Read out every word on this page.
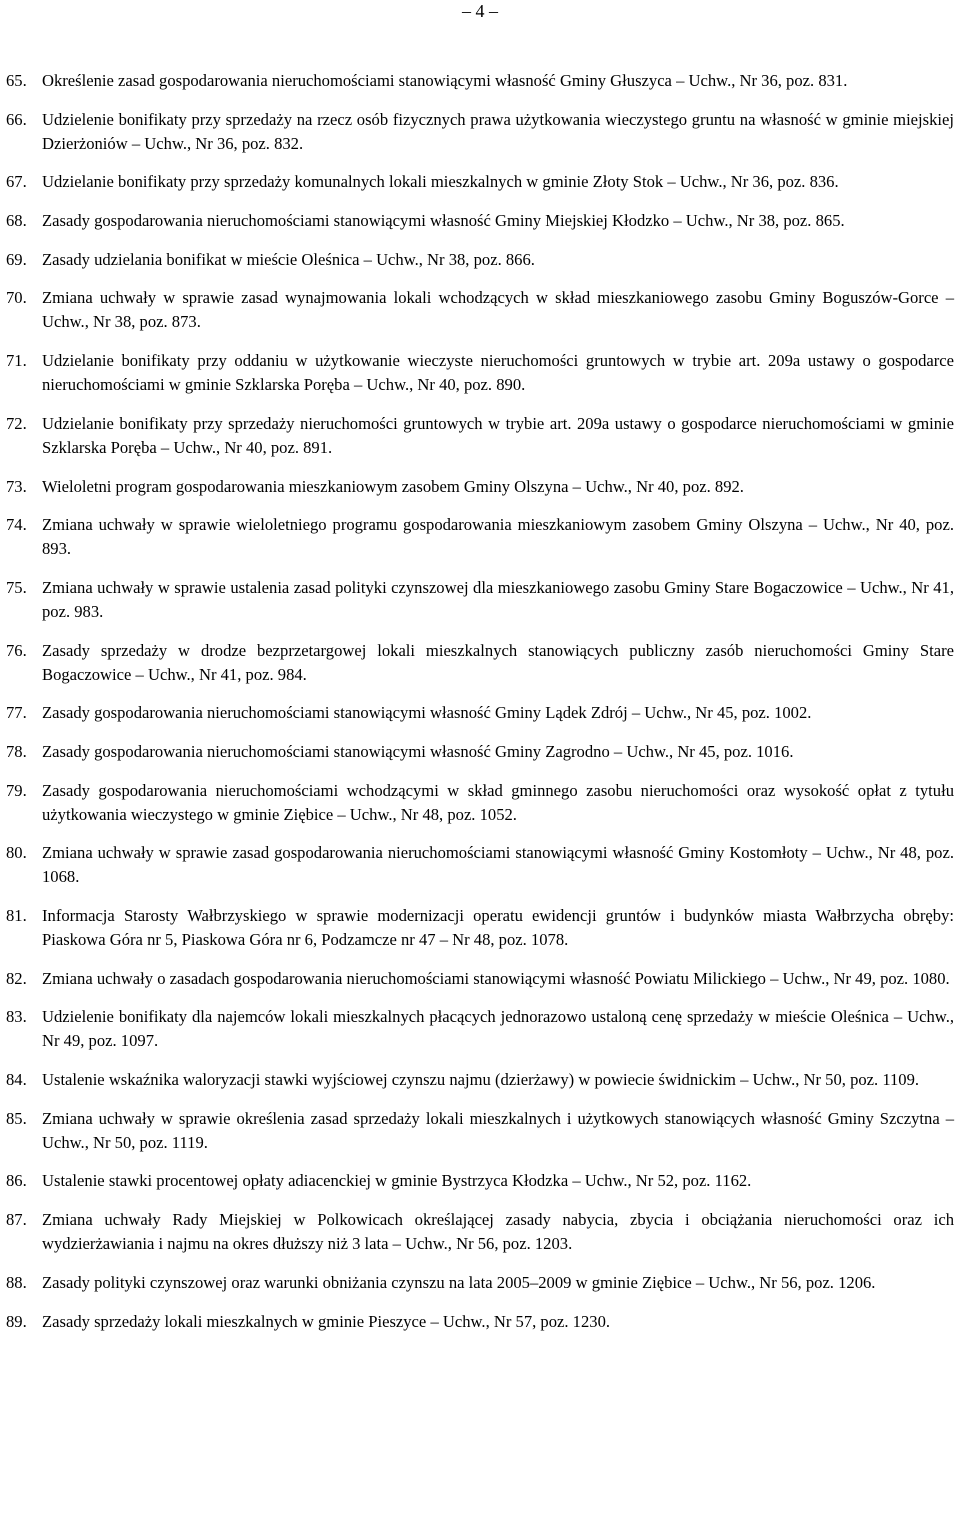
– 4 –
65. Określenie zasad gospodarowania nieruchomościami stanowiącymi własność Gminy Głuszyca – Uchw., Nr 36, poz. 831.
66. Udzielenie bonifikaty przy sprzedaży na rzecz osób fizycznych prawa użytkowania wieczystego gruntu na własność w gminie miejskiej Dzierżoniów – Uchw., Nr 36, poz. 832.
67. Udzielanie bonifikaty przy sprzedaży komunalnych lokali mieszkalnych w gminie Złoty Stok – Uchw., Nr 36, poz. 836.
68. Zasady gospodarowania nieruchomościami stanowiącymi własność Gminy Miejskiej Kłodzko – Uchw., Nr 38, poz. 865.
69. Zasady udzielania bonifikat w mieście Oleśnica – Uchw., Nr 38, poz. 866.
70. Zmiana uchwały w sprawie zasad wynajmowania lokali wchodzących w skład mieszkaniowego zasobu Gminy Boguszów-Gorce – Uchw., Nr 38, poz. 873.
71. Udzielanie bonifikaty przy oddaniu w użytkowanie wieczyste nieruchomości gruntowych w trybie art. 209a ustawy o gospodarce nieruchomościami w gminie Szklarska Poręba – Uchw., Nr 40, poz. 890.
72. Udzielanie bonifikaty przy sprzedaży nieruchomości gruntowych w trybie art. 209a ustawy o gospodarce nieruchomościami w gminie Szklarska Poręba – Uchw., Nr 40, poz. 891.
73. Wieloletni program gospodarowania mieszkaniowym zasobem Gminy Olszyna – Uchw., Nr 40, poz. 892.
74. Zmiana uchwały w sprawie wieloletniego programu gospodarowania mieszkaniowym zasobem Gminy Olszyna – Uchw., Nr 40, poz. 893.
75. Zmiana uchwały w sprawie ustalenia zasad polityki czynszowej dla mieszkaniowego zasobu Gminy Stare Bogaczowice – Uchw., Nr 41, poz. 983.
76. Zasady sprzedaży w drodze bezprzetargowej lokali mieszkalnych stanowiących publiczny zasób nieruchomości Gminy Stare Bogaczowice – Uchw., Nr 41, poz. 984.
77. Zasady gospodarowania nieruchomościami stanowiącymi własność Gminy Lądek Zdrój – Uchw., Nr 45, poz. 1002.
78. Zasady gospodarowania nieruchomościami stanowiącymi własność Gminy Zagrodno – Uchw., Nr 45, poz. 1016.
79. Zasady gospodarowania nieruchomościami wchodzącymi w skład gminnego zasobu nieruchomości oraz wysokość opłat z tytułu użytkowania wieczystego w gminie Ziębice – Uchw., Nr 48, poz. 1052.
80. Zmiana uchwały w sprawie zasad gospodarowania nieruchomościami stanowiącymi własność Gminy Kostomłoty – Uchw., Nr 48, poz. 1068.
81. Informacja Starosty Wałbrzyskiego w sprawie modernizacji operatu ewidencji gruntów i budynków miasta Wałbrzycha obręby: Piaskowa Góra nr 5, Piaskowa Góra nr 6, Podzamcze nr 47 – Nr 48, poz. 1078.
82. Zmiana uchwały o zasadach gospodarowania nieruchomościami stanowiącymi własność Powiatu Milickiego – Uchw., Nr 49, poz. 1080.
83. Udzielenie bonifikaty dla najemców lokali mieszkalnych płacących jednorazowo ustaloną cenę sprzedaży w mieście Oleśnica – Uchw., Nr 49, poz. 1097.
84. Ustalenie wskaźnika waloryzacji stawki wyjściowej czynszu najmu (dzierżawy) w powiecie świdnickim – Uchw., Nr 50, poz. 1109.
85. Zmiana uchwały w sprawie określenia zasad sprzedaży lokali mieszkalnych i użytkowych stanowiących własność Gminy Szczytna – Uchw., Nr 50, poz. 1119.
86. Ustalenie stawki procentowej opłaty adiacenckiej w gminie Bystrzyca Kłodzka – Uchw., Nr 52, poz. 1162.
87. Zmiana uchwały Rady Miejskiej w Polkowicach określającej zasady nabycia, zbycia i obciążania nieruchomości oraz ich wydzierżawiania i najmu na okres dłuższy niż 3 lata – Uchw., Nr 56, poz. 1203.
88. Zasady polityki czynszowej oraz warunki obniżania czynszu na lata 2005–2009 w gminie Ziębice – Uchw., Nr 56, poz. 1206.
89. Zasady sprzedaży lokali mieszkalnych w gminie Pieszyce – Uchw., Nr 57, poz. 1230.
